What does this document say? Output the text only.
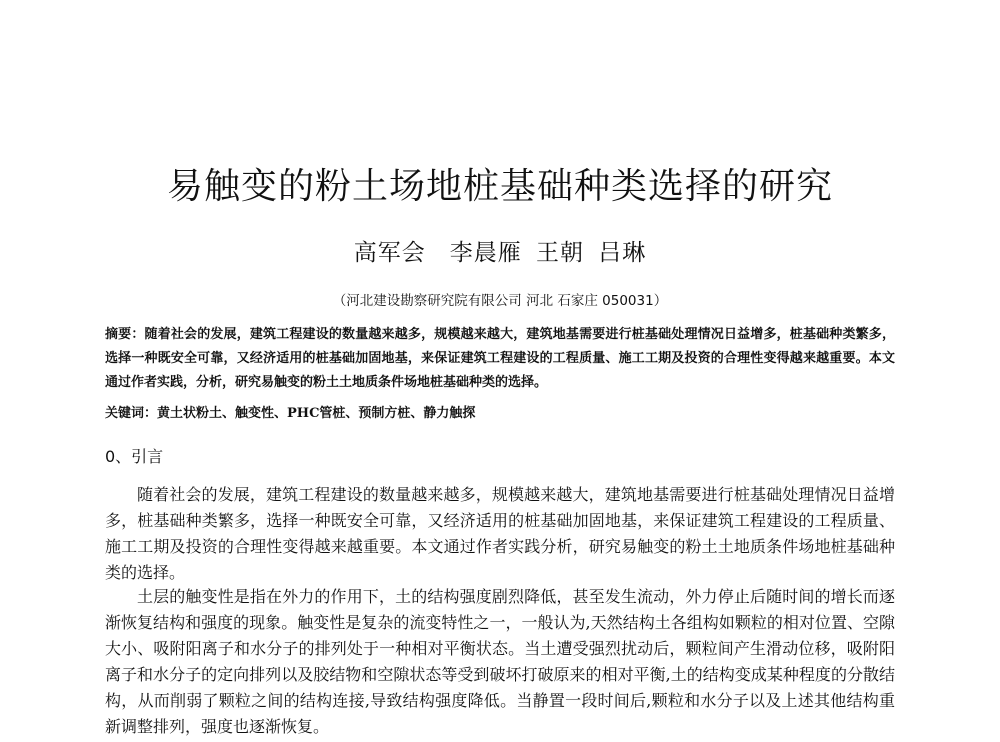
易触变的粉土场地桩基础种类选择的研究
高军会　李晨雁 王朝 吕琳
（河北建设勘察研究院有限公司 河北 石家庄 050031）
摘要：随着社会的发展，建筑工程建设的数量越来越多，规模越来越大，建筑地基需要进行桩基础处理情况日益增多，桩基础种类繁多，选择一种既安全可靠，又经济适用的桩基础加固地基，来保证建筑工程建设的工程质量、施工工期及投资的合理性变得越来越重要。本文通过作者实践，分析，研究易触变的粉土土地质条件场地桩基础种类的选择。
关键词：黄土状粉土、触变性、PHC管桩、预制方桩、静力触探
0、引言

随着社会的发展，建筑工程建设的数量越来越多，规模越来越大，建筑地基需要进行桩基础处理情况日益增多，桩基础种类繁多，选择一种既安全可靠，又经济适用的桩基础加固地基，来保证建筑工程建设的工程质量、施工工期及投资的合理性变得越来越重要。本文通过作者实践分析，研究易触变的粉土土地质条件场地桩基础种类的选择。

土层的触变性是指在外力的作用下，土的结构强度剧烈降低，甚至发生流动，外力停止后随时间的增长而逐渐恢复结构和强度的现象。触变性是复杂的流变特性之一，一般认为,天然结构土各组构如颗粒的相对位置、空隙大小、吸附阳离子和水分子的排列处于一种相对平衡状态。当土遭受强烈扰动后，颗粒间产生滑动位移，吸附阳离子和水分子的定向排列以及胶结物和空隙状态等受到破坏打破原来的相对平衡,土的结构变成某种程度的分散结构，从而削弱了颗粒之间的结构连接,导致结构强度降低。当静置一段时间后,颗粒和水分子以及上述其他结构重新调整排列，强度也逐渐恢复。
